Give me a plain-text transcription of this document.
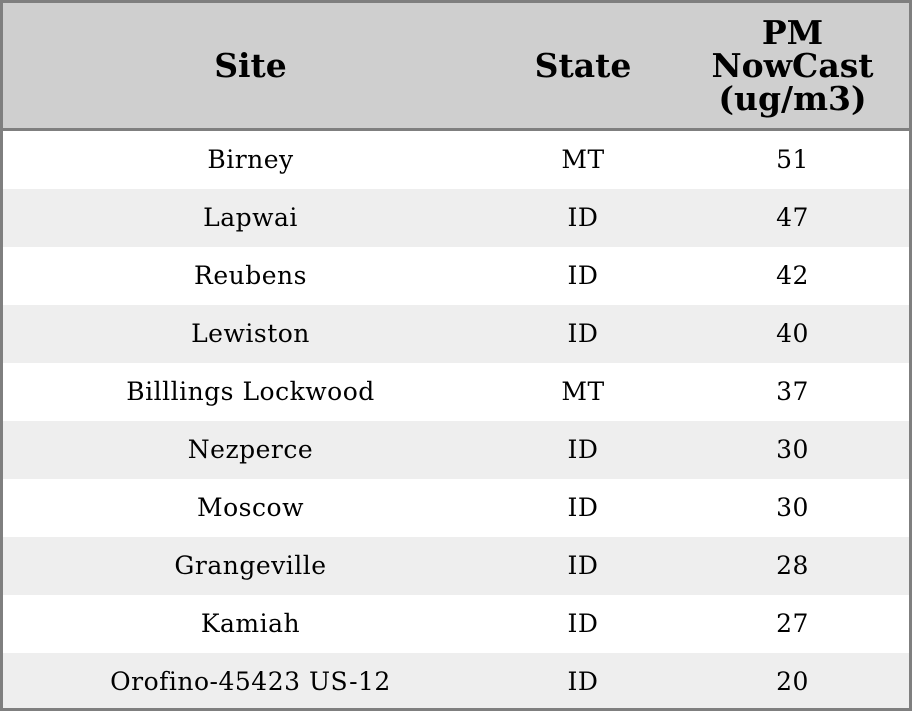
Site	State	PM
NowCast
(ug/m3)

Birney	MT	51
Lapwai	ID	47
Reubens	ID	42
Lewiston	ID	40
Billlings Lockwood	MT	37
Nezperce	ID	30
Moscow	ID	30
Grangeville	ID	28
Kamiah	ID	27
Orofino-45423 US-12	ID	20
